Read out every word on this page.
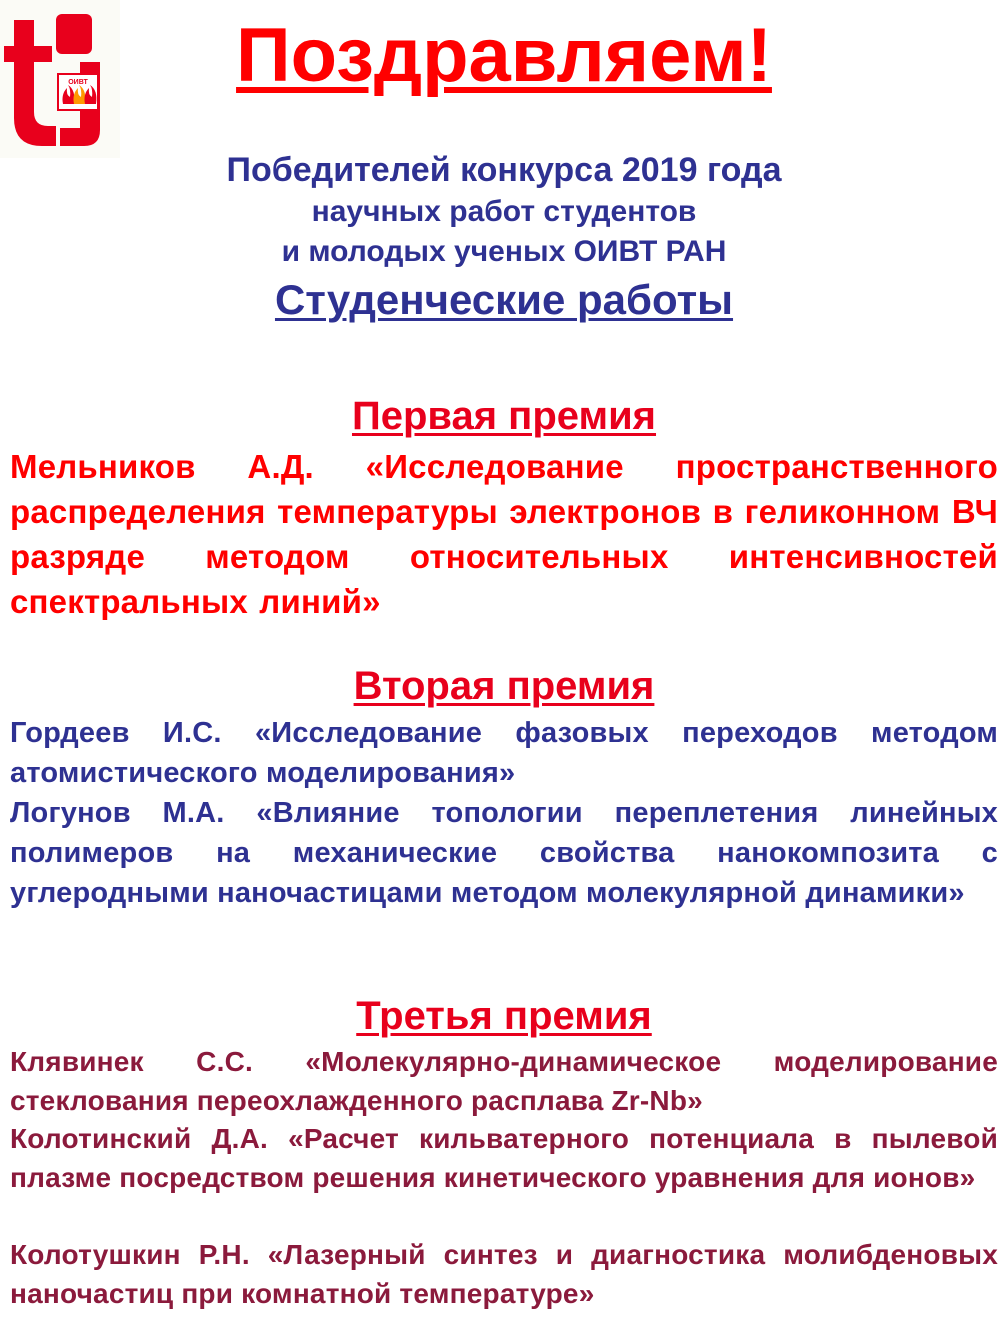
ОИВТ	Поздравляем!
Победителей конкурса 2019 года
научных работ студентов
и молодых ученых ОИВТ РАН
Студенческие работы
Первая премия
Мельников А.Д. «Исследование пространственного распределения температуры электронов в геликонном ВЧ разряде методом относительных интенсивностей спектральных линий»
Вторая премия
Гордеев И.С. «Исследование фазовых переходов методом атомистического моделирования»
Логунов М.А. «Влияние топологии переплетения линейных полимеров на механические свойства нанокомпозита с углеродными наночастицами методом молекулярной динамики»
Третья премия
Клявинек С.С. «Молекулярно-динамическое моделирование стеклования переохлажденного расплава Zr-Nb»
Колотинский Д.А. «Расчет кильватерного потенциала в пылевой плазме посредством решения кинетического уравнения для ионов»
Колотушкин Р.Н. «Лазерный синтез и диагностика молибденовых наночастиц при комнатной температуре»
